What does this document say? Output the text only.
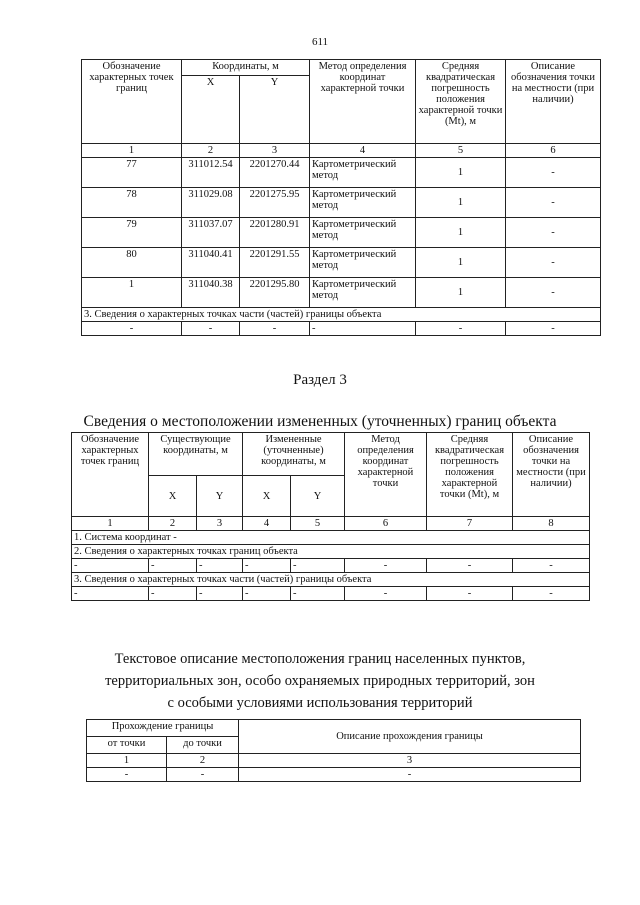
611
Обозначение характерных точек границ	Координаты, м		Метод определения координат характерной точки	Средняя квадратическая погрешность положения характерной точки (Mt), м	Описание обозначения точки на местности (при наличии)
	X	Y			
1	2	3	4	5	6
77	311012.54	2201270.44	Картометрический метод	1	-
78	311029.08	2201275.95	Картометрический метод	1	-
79	311037.07	2201280.91	Картометрический метод	1	-
80	311040.41	2201291.55	Картометрический метод	1	-
1	311040.38	2201295.80	Картометрический метод	1	-
3. Сведения о характерных точках части (частей) границы объекта					
-	-	-	-	-	-
Раздел 3
Сведения о местоположении измененных (уточненных) границ объекта
Обозначение характерных точек границ	Существующие координаты, м		Измененные (уточненные) координаты, м		Метод определения координат характерной точки	Средняя квадратическая погрешность положения характерной точки (Mt), м	Описание обозначения точки на местности (при наличии)
	X	Y	X	Y			
1	2	3	4	5	6	7	8
1. Система координат -							
2. Сведения о характерных точках границ объекта							
-	-	-	-	-	-	-	-
3. Сведения о характерных точках части (частей) границы объекта							
-	-	-	-	-	-	-	-
Текстовое описание местоположения границ населенных пунктов,
территориальных зон, особо охраняемых природных территорий, зон
с особыми условиями использования территорий
Прохождение границы		Описание прохождения границы
от точки	до точки	
1	2	3
-	-	-
